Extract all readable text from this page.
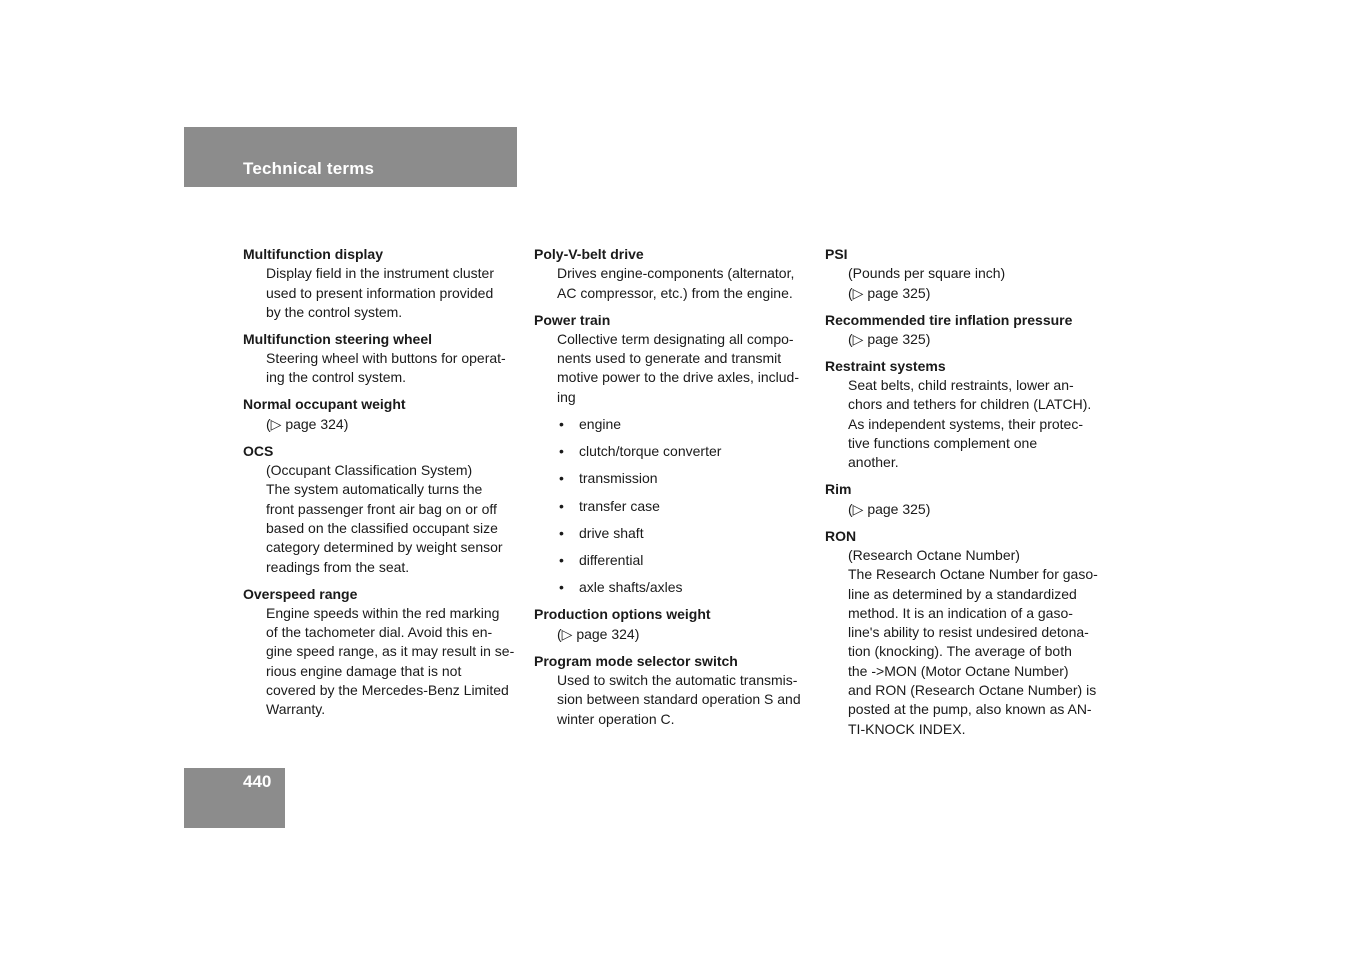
Technical terms
Multifunction display
Display field in the instrument cluster
used to present information provided
by the control system.
Multifunction steering wheel
Steering wheel with buttons for operat-
ing the control system.
Normal occupant weight
(▷ page 324)
OCS
(Occupant Classification System)
The system automatically turns the
front passenger front air bag on or off
based on the classified occupant size
category determined by weight sensor
readings from the seat.
Overspeed range
Engine speeds within the red marking
of the tachometer dial. Avoid this en-
gine speed range, as it may result in se-
rious engine damage that is not
covered by the Mercedes-Benz Limited
Warranty.
Poly-V-belt drive
Drives engine-components (alternator,
AC compressor, etc.) from the engine.
Power train
Collective term designating all compo-
nents used to generate and transmit
motive power to the drive axles, includ-
ing
• engine
• clutch/torque converter
• transmission
• transfer case
• drive shaft
• differential
• axle shafts/axles
Production options weight
(▷ page 324)
Program mode selector switch
Used to switch the automatic transmis-
sion between standard operation S and
winter operation C.
PSI
(Pounds per square inch)
(▷ page 325)
Recommended tire inflation pressure
(▷ page 325)
Restraint systems
Seat belts, child restraints, lower an-
chors and tethers for children (LATCH).
As independent systems, their protec-
tive functions complement one
another.
Rim
(▷ page 325)
RON
(Research Octane Number)
The Research Octane Number for gaso-
line as determined by a standardized
method. It is an indication of a gaso-
line's ability to resist undesired detona-
tion (knocking). The average of both
the ->MON (Motor Octane Number)
and RON (Research Octane Number) is
posted at the pump, also known as AN-
TI-KNOCK INDEX.
440
